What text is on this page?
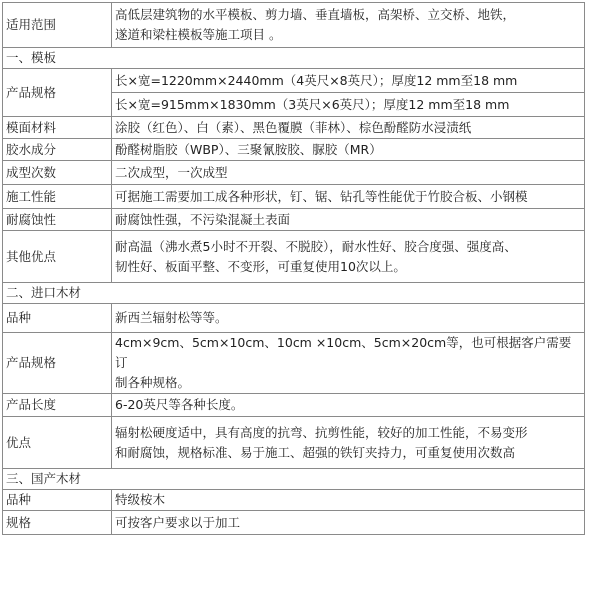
适用范围	高低层建筑物的水平模板、剪力墙、垂直墙板，高架桥、立交桥、地铁，
遂道和梁柱模板等施工项目 。
一、模板	
产品规格	长×宽=1220mm×2440mm（4英尺×8英尺）；厚度12 mm至18 mm
	长×宽=915mm×1830mm（3英尺×6英尺）；厚度12 mm至18 mm
模面材料	涂胶（红色）、白（素）、黑色覆膜（菲林）、棕色酚醛防水浸渍纸
胶水成分	酚醛树脂胶（WBP）、三聚氰胺胶、脲胶（MR）
成型次数	二次成型，一次成型
施工性能	可据施工需要加工成各种形状，钉、锯、钻孔等性能优于竹胶合板、小钢模
耐腐蚀性	耐腐蚀性强，不污染混凝土表面
其他优点	耐高温（沸水煮5小时不开裂、不脱胶），耐水性好、胶合度强、强度高、
韧性好、板面平整、不变形，可重复使用10次以上。
二、进口木材	
品种	新西兰辐射松等等。
产品规格	4cm×9cm、5cm×10cm、10cm ×10cm、5cm×20cm等，也可根据客户需要订
制各种规格。
产品长度	6-20英尺等各种长度。
优点	辐射松硬度适中，具有高度的抗弯、抗剪性能，较好的加工性能，不易变形
和耐腐蚀，规格标准、易于施工、超强的铁钉夹持力，可重复使用次数高
三、国产木材	
品种	特级桉木
规格	可按客户要求以于加工
